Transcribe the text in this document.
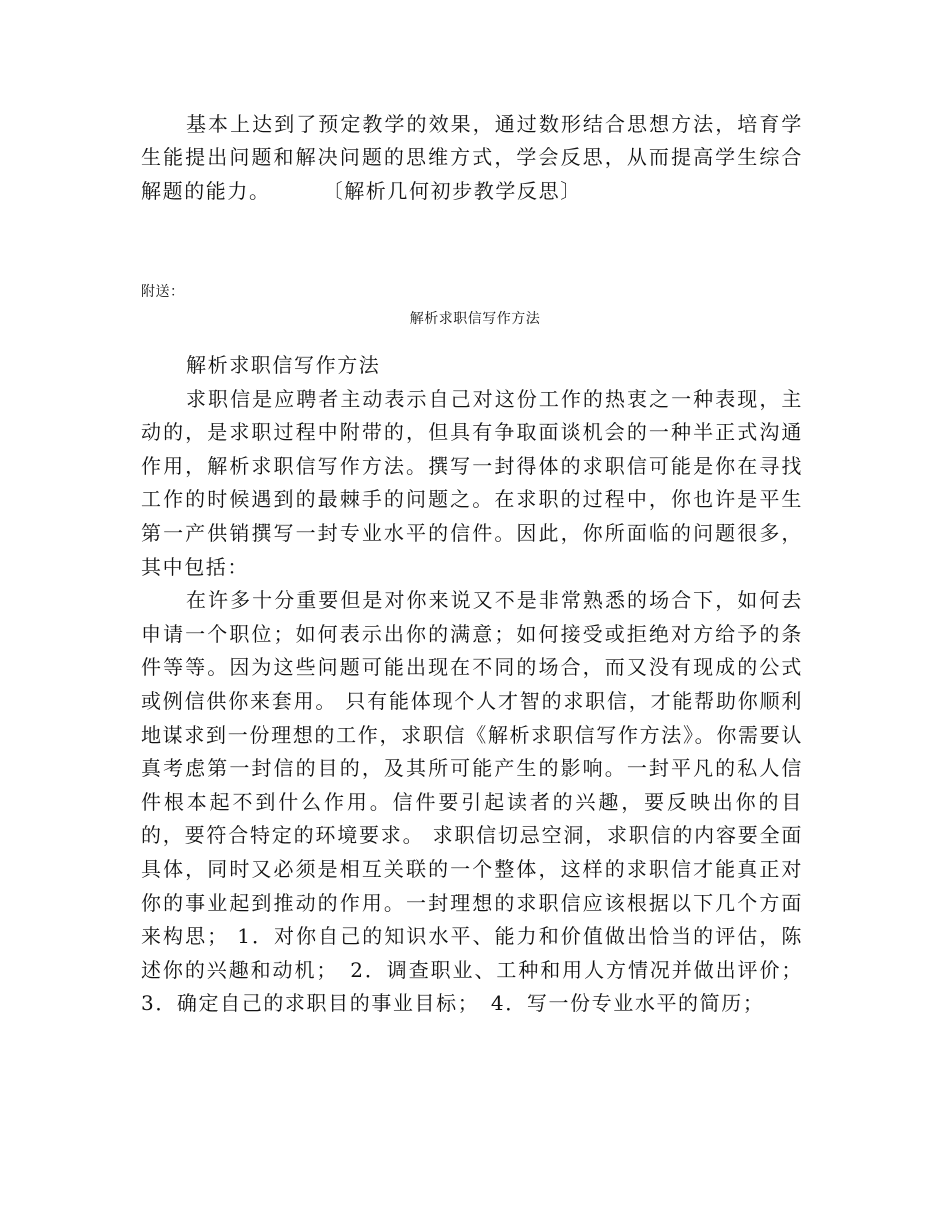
基本上达到了预定教学的效果，通过数形结合思想方法，培育学生能提出问题和解决问题的思维方式，学会反思，从而提高学生综合解题的能力。	〔解析几何初步教学反思〕

附送：
解析求职信写作方法

解析求职信写作方法

求职信是应聘者主动表示自己对这份工作的热衷之一种表现，主动的，是求职过程中附带的，但具有争取面谈机会的一种半正式沟通作用，解析求职信写作方法。撰写一封得体的求职信可能是你在寻找工作的时候遇到的最棘手的问题之。在求职的过程中，你也许是平生第一产供销撰写一封专业水平的信件。因此，你所面临的问题很多，其中包括：

在许多十分重要但是对你来说又不是非常熟悉的场合下，如何去申请一个职位；如何表示出你的满意；如何接受或拒绝对方给予的条件等等。因为这些问题可能出现在不同的场合，而又没有现成的公式或例信供你来套用。 只有能体现个人才智的求职信，才能帮助你顺利地谋求到一份理想的工作，求职信《解析求职信写作方法》。你需要认真考虑第一封信的目的，及其所可能产生的影响。一封平凡的私人信件根本起不到什么作用。信件要引起读者的兴趣，要反映出你的目的，要符合特定的环境要求。 求职信切忌空洞，求职信的内容要全面具体，同时又必须是相互关联的一个整体，这样的求职信才能真正对你的事业起到推动的作用。一封理想的求职信应该根据以下几个方面来构思； 1．对你自己的知识水平、能力和价值做出恰当的评估，陈述你的兴趣和动机；　2．调查职业、工种和用人方情况并做出评价；3．确定自己的求职目的事业目标；　4．写一份专业水平的简历；
